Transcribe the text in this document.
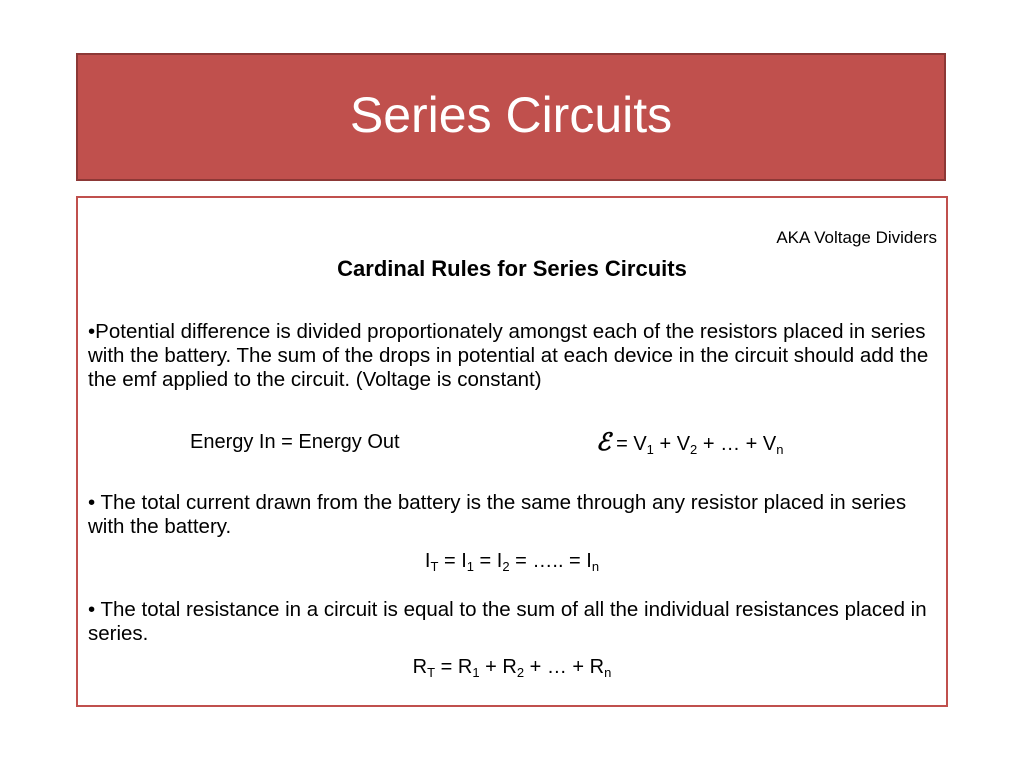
Series Circuits
AKA Voltage Dividers
Cardinal Rules for Series Circuits
•Potential difference is divided proportionately amongst each of the resistors placed in series with the battery. The sum of the drops in potential at each device in the circuit should add the the emf applied to the circuit. (Voltage is constant)
Energy In = Energy Out	ℰ = $V_1 + V_2$ + … + $V_n$
• The total current drawn from the battery is the same through any resistor placed in series with the battery.
$I_T = I_1 = I_2$ = ….. = $I_n$
• The total resistance in a circuit is equal to the sum of all the individual resistances placed in series.
$R_T = R_1 + R_2$ + … + $R_n$
